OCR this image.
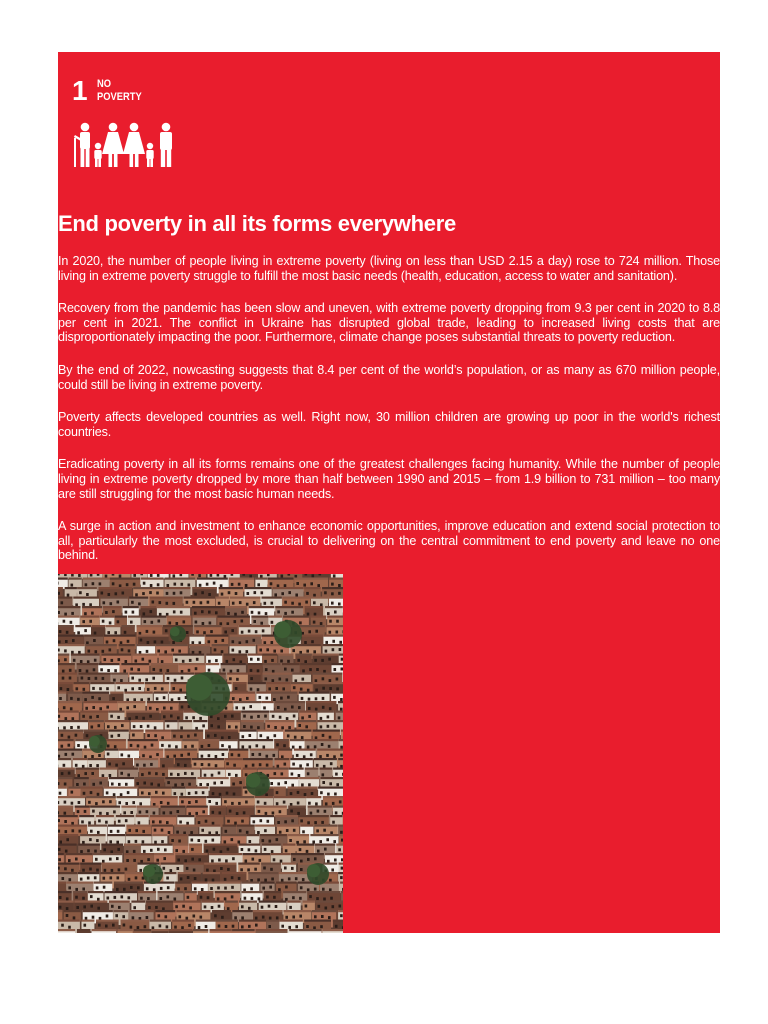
1 NO
POVERTY
End poverty in all its forms everywhere

In 2020, the number of people living in extreme poverty (living on less than USD 2.15 a day) rose to 724 million. Those living in extreme poverty struggle to fulfill the most basic needs (health, education, access to water and sanitation).

Recovery from the pandemic has been slow and uneven, with extreme poverty dropping from 9.3 per cent in 2020 to 8.8 per cent in 2021. The conflict in Ukraine has disrupted global trade, leading to increased living costs that are disproportionately impacting the poor. Furthermore, climate change poses substantial threats to poverty reduction.

By the end of 2022, nowcasting suggests that 8.4 per cent of the world’s population, or as many as 670 million people, could still be living in extreme poverty.

Poverty affects developed countries as well. Right now, 30 million children are growing up poor in the world's richest countries.

Eradicating poverty in all its forms remains one of the greatest challenges facing humanity. While the number of people living in extreme poverty dropped by more than half between 1990 and 2015 – from 1.9 billion to 731 million – too many are still struggling for the most basic human needs.

A surge in action and investment to enhance economic opportunities, improve education and extend social protection to all, particularly the most excluded, is crucial to delivering on the central commitment to end poverty and leave no one behind.
